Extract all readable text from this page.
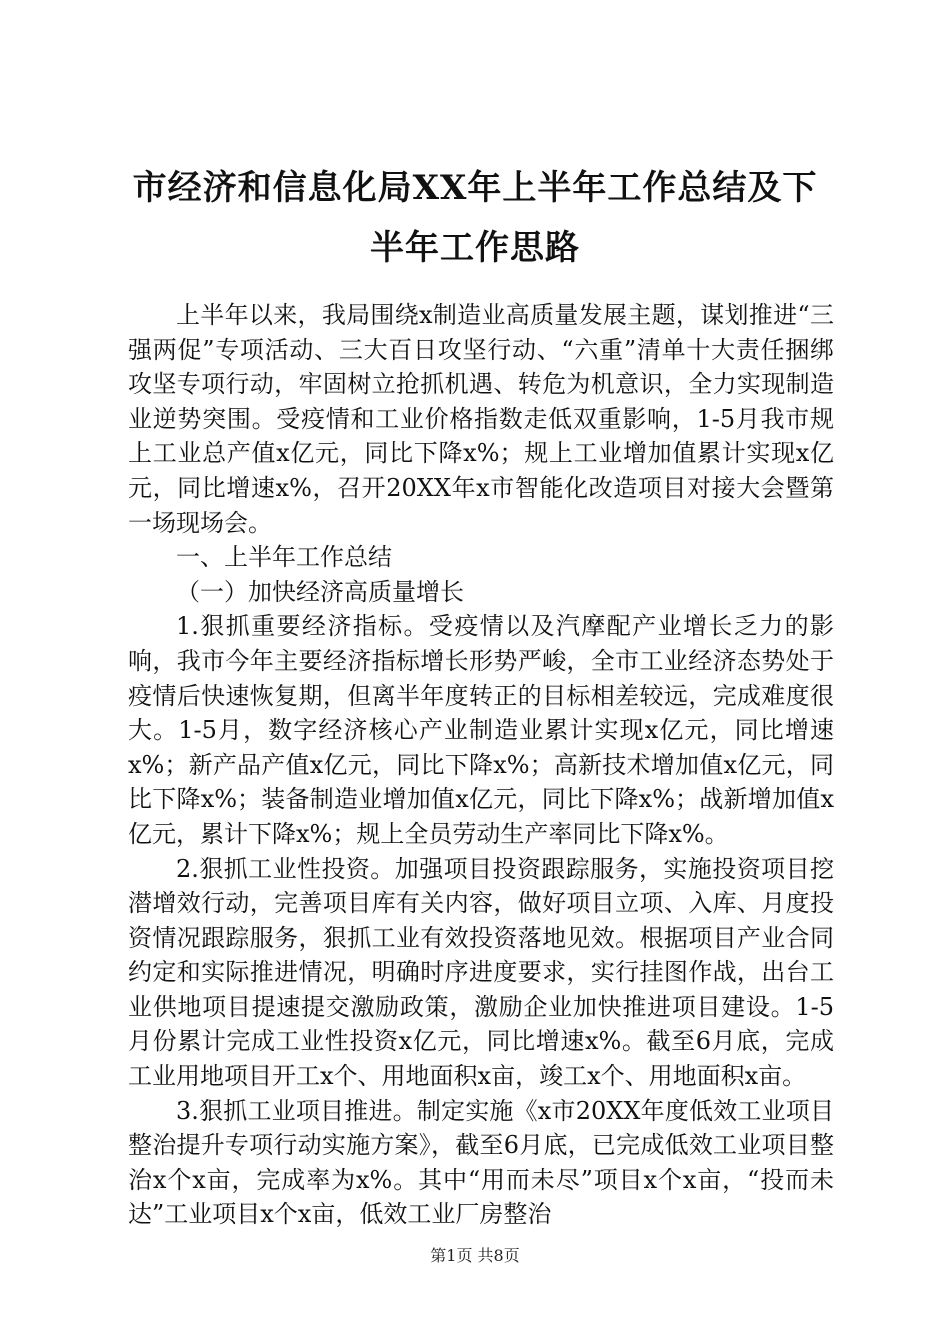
市经济和信息化局XX年上半年工作总结及下
半年工作思路

上半年以来，我局围绕x制造业高质量发展主题，谋划推进“三强两促”专项活动、三大百日攻坚行动、“六重”清单十大责任捆绑攻坚专项行动，牢固树立抢抓机遇、转危为机意识，全力实现制造业逆势突围。受疫情和工业价格指数走低双重影响，1-5月我市规上工业总产值x亿元，同比下降x%；规上工业增加值累计实现x亿元，同比增速x%，召开20XX年x市智能化改造项目对接大会暨第一场现场会。

一、上半年工作总结

（一）加快经济高质量增长

1.狠抓重要经济指标。受疫情以及汽摩配产业增长乏力的影响，我市今年主要经济指标增长形势严峻，全市工业经济态势处于疫情后快速恢复期，但离半年度转正的目标相差较远，完成难度很大。1-5月，数字经济核心产业制造业累计实现x亿元，同比增速x%；新产品产值x亿元，同比下降x%；高新技术增加值x亿元，同比下降x%；装备制造业增加值x亿元，同比下降x%；战新增加值x亿元，累计下降x%；规上全员劳动生产率同比下降x%。

2.狠抓工业性投资。加强项目投资跟踪服务，实施投资项目挖潜增效行动，完善项目库有关内容，做好项目立项、入库、月度投资情况跟踪服务，狠抓工业有效投资落地见效。根据项目产业合同约定和实际推进情况，明确时序进度要求，实行挂图作战，出台工业供地项目提速提交激励政策，激励企业加快推进项目建设。1-5月份累计完成工业性投资x亿元，同比增速x%。截至6月底，完成工业用地项目开工x个、用地面积x亩，竣工x个、用地面积x亩。

3.狠抓工业项目推进。制定实施《x市20XX年度低效工业项目整治提升专项行动实施方案》，截至6月底，已完成低效工业项目整治x个x亩，完成率为x%。其中“用而未尽”项目x个x亩，“投而未达”工业项目x个x亩，低效工业厂房整治

第1页 共8页
